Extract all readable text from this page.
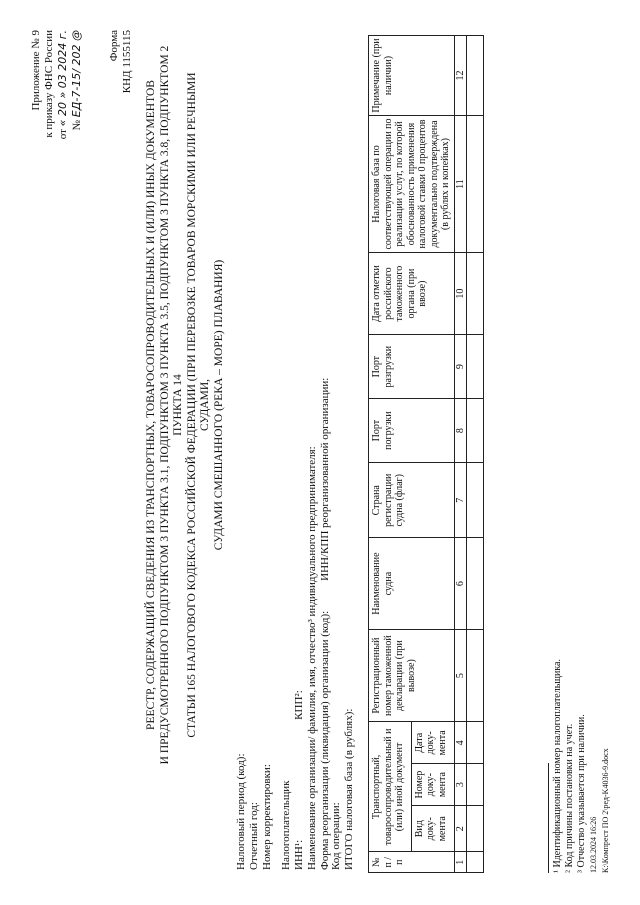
Приложение № 9 к приказу ФНС России от « 20 » 03 2024 г. № ЕД-7-15/ 202 @ Форма КНД 1155115
РЕЕСТР, СОДЕРЖАЩИЙ СВЕДЕНИЯ ИЗ ТРАНСПОРТНЫХ, ТОВАРОСОПРОВОДИТЕЛЬНЫХ И (ИЛИ) ИНЫХ ДОКУМЕНТОВ И ПРЕДУСМОТРЕННОГО ПОДПУНКТОМ 3 ПУНКТА 3.1, ПОДПУНКТОМ 3 ПУНКТА 3.5, ПОДПУНКТОМ 3 ПУНКТА 3.8, ПОДПУНКТОМ 2 ПУНКТА 14 СТАТЬИ 165 НАЛОГОВОГО КОДЕКСА РОССИЙСКОЙ ФЕДЕРАЦИИ (ПРИ ПЕРЕВОЗКЕ ТОВАРОВ МОРСКИМИ ИЛИ РЕЧНЫМИ СУДАМИ, СУДАМИ СМЕШАННОГО (РЕКА – МОРЕ) ПЛАВАНИЯ)
Налоговый период (код): Отчетный год: Номер корректировки: Налогоплательщик ИНН¹:КПП²: Наименование организации/ фамилия, имя, отчество³ индивидуального предпринимателя: Форма реорганизации (ликвидация) организации (код):ИНН/КПП реорганизованной организации:
Код операции: ИТОГО налоговая база (в рублях): № п / п	Транспортный, товаросопроводительный и (или) иной документ			Регистрационный номер таможенной декларации (при вывозе)	Наименование судна	Страна регистрации судна (флаг)	Порт погрузки	Порт разгрузки	Дата отметки российского таможенного органа (при ввозе)	Налоговая база по соответствующей операции по реализации услуг, по которой обоснованность применения налоговой ставки 0 процентов документально подтверждена (в рублях и копейках)	Примечание (при наличии)
	Вид доку-мента	Номер доку-мента	Дата доку-мента								
1	2	3	4	5	6	7	8	9	10	11	12

¹ Идентификационный номер налогоплательщика. ² Код причины постановки на учет. ³ Отчество указывается при наличии. 12.03.2024 16:26 К:\Компрест ПО 2\ред-K4036-9.docx
